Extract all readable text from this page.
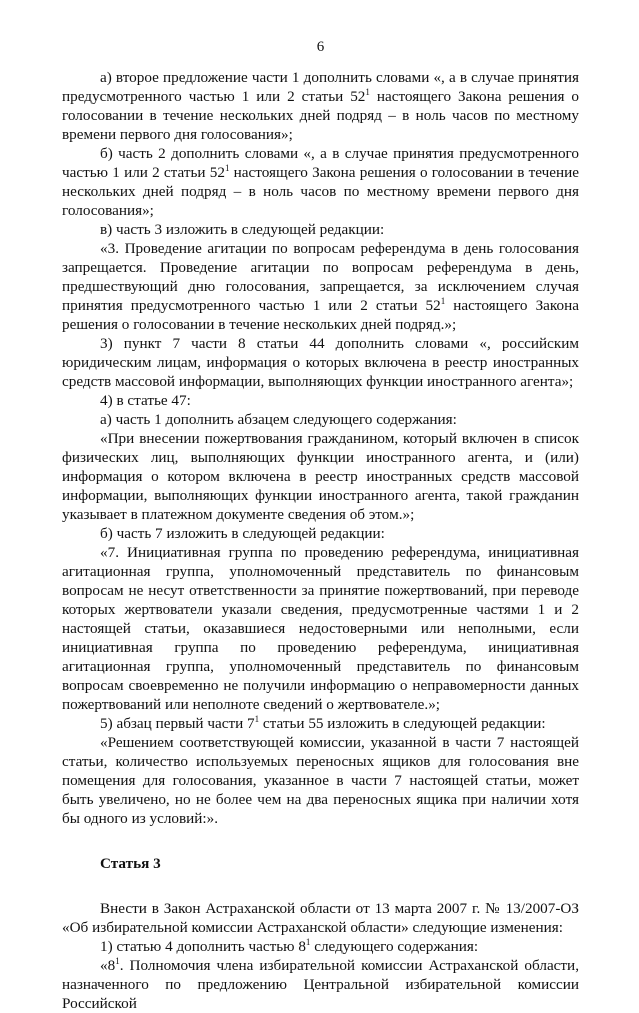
6

а) второе предложение части 1 дополнить словами «, а в случае принятия предусмотренного частью 1 или 2 статьи $52^1$ настоящего Закона решения о голосовании в течение нескольких дней подряд – в ноль часов по местному времени первого дня голосования»;

б) часть 2 дополнить словами «, а в случае принятия предусмотренного частью 1 или 2 статьи $52^1$ настоящего Закона решения о голосовании в течение нескольких дней подряд – в ноль часов по местному времени первого дня голосования»;

в) часть 3 изложить в следующей редакции:

«3. Проведение агитации по вопросам референдума в день голосования запрещается. Проведение агитации по вопросам референдума в день, предшествующий дню голосования, запрещается, за исключением случая принятия предусмотренного частью 1 или 2 статьи $52^1$ настоящего Закона решения о голосовании в течение нескольких дней подряд.»;

3) пункт 7 части 8 статьи 44 дополнить словами «, российским юридическим лицам, информация о которых включена в реестр иностранных средств массовой информации, выполняющих функции иностранного агента»;

4) в статье 47:

а) часть 1 дополнить абзацем следующего содержания:

«При внесении пожертвования гражданином, который включен в список физических лиц, выполняющих функции иностранного агента, и (или) информация о котором включена в реестр иностранных средств массовой информации, выполняющих функции иностранного агента, такой гражданин указывает в платежном документе сведения об этом.»;

б) часть 7 изложить в следующей редакции:

«7. Инициативная группа по проведению референдума, инициативная агитационная группа, уполномоченный представитель по финансовым вопросам не несут ответственности за принятие пожертвований, при переводе которых жертвователи указали сведения, предусмотренные частями 1 и 2 настоящей статьи, оказавшиеся недостоверными или неполными, если инициативная группа по проведению референдума, инициативная агитационная группа, уполномоченный представитель по финансовым вопросам своевременно не получили информацию о неправомерности данных пожертвований или неполноте сведений о жертвователе.»;

5) абзац первый части $7^1$ статьи 55 изложить в следующей редакции:

«Решением соответствующей комиссии, указанной в части 7 настоящей статьи, количество используемых переносных ящиков для голосования вне помещения для голосования, указанное в части 7 настоящей статьи, может быть увеличено, но не более чем на два переносных ящика при наличии хотя бы одного из условий:».

Статья 3

Внести в Закон Астраханской области от 13 марта 2007 г. № 13/2007-ОЗ «Об избирательной комиссии Астраханской области» следующие изменения:

1) статью 4 дополнить частью $8^1$ следующего содержания:

«$8^1$. Полномочия члена избирательной комиссии Астраханской области, назначенного по предложению Центральной избирательной комиссии Российской
